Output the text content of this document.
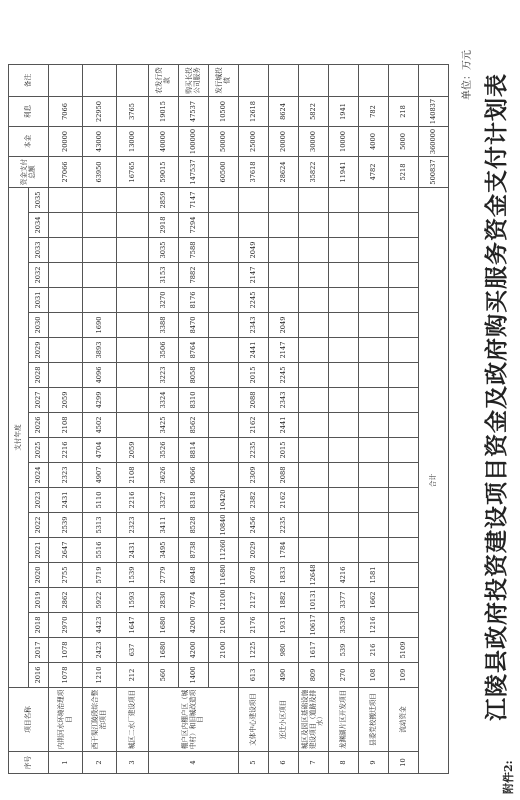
附件2:
江陵县政府投资建设项目资金及政府购买服务资金支付计划表
单位：万元
序号	项目名称	支付年度																				资金支付总额	本金	利息	备注
		2016	2017	2018	2019	2020	2021	2022	2023	2024	2025	2026	2027	2028	2029	2030	2031	2032	2033	2034	2035				
1	内荆河水环境治理项目	1078	1078	2970	2862	2755	2647	2539	2431	2323	2216	2108	2059									27066	20000	7066	
2	西干渠江陵段综合整治项目	1210	2423	4423	5922	5719	5516	5313	5110	4907	4704	4502	4299	4096	3893	1690						63950	43000	22950	
3	城区二水厂建设项目	212	637	1647	1593	1539	2431	2323	2216	2108	2059											16765	13000	3765	
4	棚户区内棚户区（城中村）和旧城改造项目	560	1680	1680	2830	2779	3495	3411	3327	3626	3526	3425	3324	3223	3506	3388	3270	3153	3035	2918	2859	59015	40000	19015	农发行贷款
		1400	4200	4200	7074	6948	8738	8528	8318	9066	8814	8562	8310	8058	8764	8470	8176	7882	7588	7294	7147	147537	100000	47537	购买长投公司服务
			2100	2100	12100	11680	11260	10840	10420													60500	50000	10500	发行城投债
5	文体中心建设项目	613	1225	2176	2127	2078	2029	2456	2382	2309	2235	2162	2088	2015	2441	2343	2245	2147	2049			37618	25000	12618	
6	还迁小区项目	490	980	1931	1882	1833	1784	2235	2162	2088	2015	2441	2343	2245	2147	2049						28624	20000	8624	
7	城区及园区基础设施建设项目（道路及排水）	809	1617	10617	10131	12648																35822	30000	5822	
8	龙渊湖片区开发项目	270	539	3539	3377	4216																11941	10000	1941	
9	县委党校搬迁项目	108	216	1216	1662	1581																4782	4000	782	
10	流动资金	109	5109																			5218	5000	218	
合计																						500837	360000	140837	
